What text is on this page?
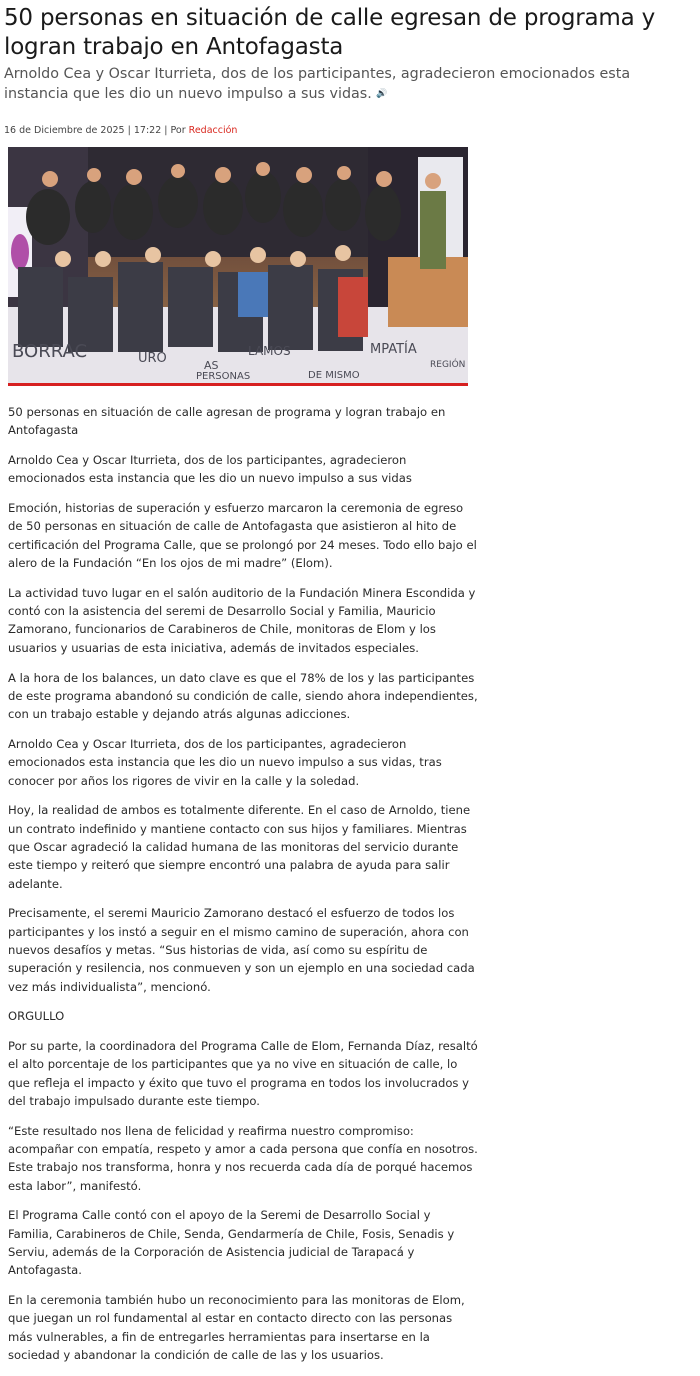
50 personas en situación de calle egresan de programa y logran trabajo en Antofagasta

Arnoldo Cea y Oscar Iturrieta, dos de los participantes, agradecieron emocionados esta instancia que les dio un nuevo impulso a sus vidas. 🔊

16 de Diciembre de 2025 | 17:22 | Por Redacción
BORRAC	URO	LAMOS
AS
PERSONAS	DE MISMO
MPATÍA
REGIÓN

50 personas en situación de calle agresan de programa y logran trabajo en Antofagasta

Arnoldo Cea y Oscar Iturrieta, dos de los participantes, agradecieron emocionados esta instancia que les dio un nuevo impulso a sus vidas

Emoción, historias de superación y esfuerzo marcaron la ceremonia de egreso de 50 personas en situación de calle de Antofagasta que asistieron al hito de certificación del Programa Calle, que se prolongó por 24 meses. Todo ello bajo el alero de la Fundación “En los ojos de mi madre” (Elom).

La actividad tuvo lugar en el salón auditorio de la Fundación Minera Escondida y contó con la asistencia del seremi de Desarrollo Social y Familia, Mauricio Zamorano, funcionarios de Carabineros de Chile, monitoras de Elom y los usuarios y usuarias de esta iniciativa, además de invitados especiales.

A la hora de los balances, un dato clave es que el 78% de los y las participantes de este programa abandonó su condición de calle, siendo ahora independientes, con un trabajo estable y dejando atrás algunas adicciones.

Arnoldo Cea y Oscar Iturrieta, dos de los participantes, agradecieron emocionados esta instancia que les dio un nuevo impulso a sus vidas, tras conocer por años los rigores de vivir en la calle y la soledad.

Hoy, la realidad de ambos es totalmente diferente. En el caso de Arnoldo, tiene un contrato indefinido y mantiene contacto con sus hijos y familiares. Mientras que Oscar agradeció la calidad humana de las monitoras del servicio durante este tiempo y reiteró que siempre encontró una palabra de ayuda para salir adelante.

Precisamente, el seremi Mauricio Zamorano destacó el esfuerzo de todos los participantes y los instó a seguir en el mismo camino de superación, ahora con nuevos desafíos y metas. “Sus historias de vida, así como su espíritu de superación y resilencia, nos conmueven y son un ejemplo en una sociedad cada vez más individualista”, mencionó.

ORGULLO

Por su parte, la coordinadora del Programa Calle de Elom, Fernanda Díaz, resaltó el alto porcentaje de los participantes que ya no vive en situación de calle, lo que refleja el impacto y éxito que tuvo el programa en todos los involucrados y del trabajo impulsado durante este tiempo.

“Este resultado nos llena de felicidad y reafirma nuestro compromiso: acompañar con empatía, respeto y amor a cada persona que confía en nosotros. Este trabajo nos transforma, honra y nos recuerda cada día de porqué hacemos esta labor”, manifestó.

El Programa Calle contó con el apoyo de la Seremi de Desarrollo Social y Familia, Carabineros de Chile, Senda, Gendarmería de Chile, Fosis, Senadis y Serviu, además de la Corporación de Asistencia judicial de Tarapacá y Antofagasta.

En la ceremonia también hubo un reconocimiento para las monitoras de Elom, que juegan un rol fundamental al estar en contacto directo con las personas más vulnerables, a fin de entregarles herramientas para insertarse en la sociedad y abandonar la condición de calle de las y los usuarios.
